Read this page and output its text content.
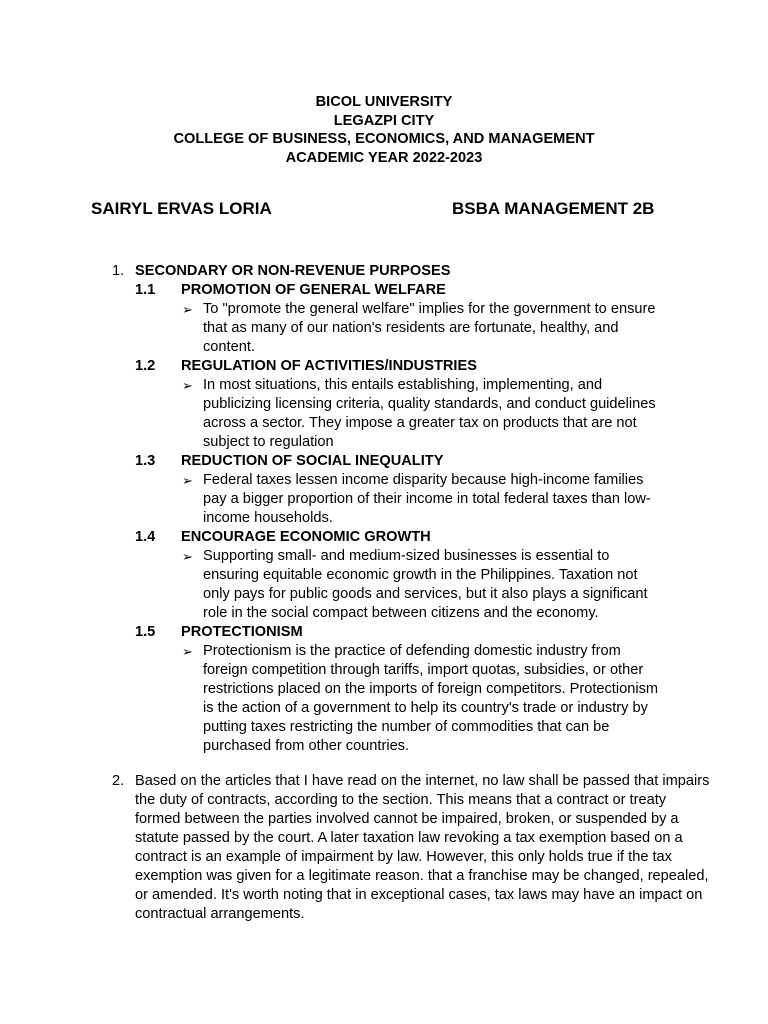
BICOL UNIVERSITY
LEGAZPI CITY
COLLEGE OF BUSINESS, ECONOMICS, AND MANAGEMENT
ACADEMIC YEAR 2022-2023
SAIRYL ERVAS LORIA	BSBA MANAGEMENT 2B
1. SECONDARY OR NON-REVENUE PURPOSES
1.1 PROMOTION OF GENERAL WELFARE
➢ To "promote the general welfare" implies for the government to ensure that as many of our nation's residents are fortunate, healthy, and content.
1.2 REGULATION OF ACTIVITIES/INDUSTRIES
➢ In most situations, this entails establishing, implementing, and publicizing licensing criteria, quality standards, and conduct guidelines across a sector. They impose a greater tax on products that are not subject to regulation
1.3 REDUCTION OF SOCIAL INEQUALITY
➢ Federal taxes lessen income disparity because high-income families pay a bigger proportion of their income in total federal taxes than low-income households.
1.4 ENCOURAGE ECONOMIC GROWTH
➢ Supporting small- and medium-sized businesses is essential to ensuring equitable economic growth in the Philippines. Taxation not only pays for public goods and services, but it also plays a significant role in the social compact between citizens and the economy.
1.5 PROTECTIONISM
➢ Protectionism is the practice of defending domestic industry from foreign competition through tariffs, import quotas, subsidies, or other restrictions placed on the imports of foreign competitors. Protectionism is the action of a government to help its country's trade or industry by putting taxes restricting the number of commodities that can be purchased from other countries.
2. Based on the articles that I have read on the internet, no law shall be passed that impairs the duty of contracts, according to the section. This means that a contract or treaty formed between the parties involved cannot be impaired, broken, or suspended by a statute passed by the court. A later taxation law revoking a tax exemption based on a contract is an example of impairment by law. However, this only holds true if the tax exemption was given for a legitimate reason. that a franchise may be changed, repealed, or amended. It's worth noting that in exceptional cases, tax laws may have an impact on contractual arrangements.
